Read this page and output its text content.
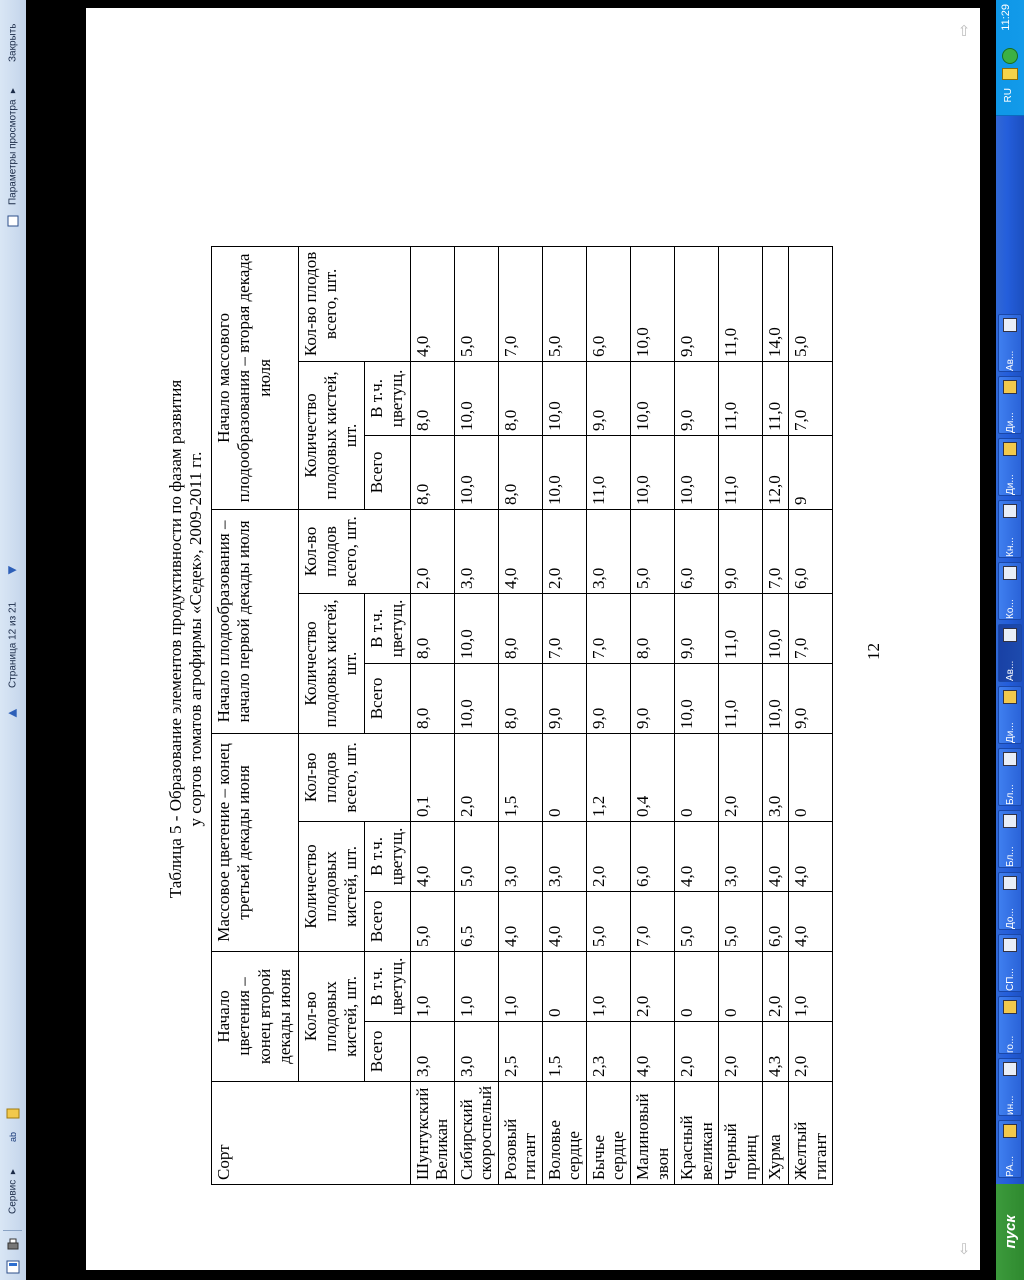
Сервис
▾
ab
◀
Страница 12 из 21
▶
Параметры просмотра
▾
Закрыть
Таблица 5 - Образование элементов продуктивности по фазам развития у сортов томатов агрофирмы «Седек», 2009-2011 гг.
Сорт	Начало цветения – конец второй декады июня		Массовое цветение – конец третьей декады июня			Начало плодообразования – начало первой декады июля			Начало массового плодообразования – вторая декада июля		
	Кол-во плодовых кистей, шт.		Количество плодовых кистей, шт.		Кол-во плодов всего, шт.	Количество плодовых кистей, шт.		Кол-во плодов всего, шт.	Количество плодовых кистей, шт.		Кол-во плодов всего, шт.
	Всего	В т.ч. цветущ.	Всего	В т.ч. цветущ.		Всего	В т.ч. цветущ.		Всего	В т.ч. цветущ.	
Шунтукский Великан	3,0	1,0	5,0	4,0	0,1	8,0	8,0	2,0	8,0	8,0	4,0
Сибирский скороспелый	3,0	1,0	6,5	5,0	2,0	10,0	10,0	3,0	10,0	10,0	5,0
Розовый гигант	2,5	1,0	4,0	3,0	1,5	8,0	8,0	4,0	8,0	8,0	7,0
Воловье сердце	1,5	0	4,0	3,0	0	9,0	7,0	2,0	10,0	10,0	5,0
Бычье сердце	2,3	1,0	5,0	2,0	1,2	9,0	7,0	3,0	11,0	9,0	6,0
Малиновый звон	4,0	2,0	7,0	6,0	0,4	9,0	8,0	5,0	10,0	10,0	10,0
Красный великан	2,0	0	5,0	4,0	0	10,0	9,0	6,0	10,0	9,0	9,0
Черный принц	2,0	0	5,0	3,0	2,0	11,0	11,0	9,0	11,0	11,0	11,0
Хурма	4,3	2,0	6,0	4,0	3,0	10,0	10,0	7,0	12,0	11,0	14,0
Желтый гигант	2,0	1,0	4,0	4,0	0	9,0	7,0	6,0	9	7,0	5,0
12
⇧
⇩
11:29
RU
РА...
ин...
го...
СП...
До...
Бл...
Бл...
Ди...
Ав...
Ко...
Кн...
Ди...
Ди...
Ав...
пуск
